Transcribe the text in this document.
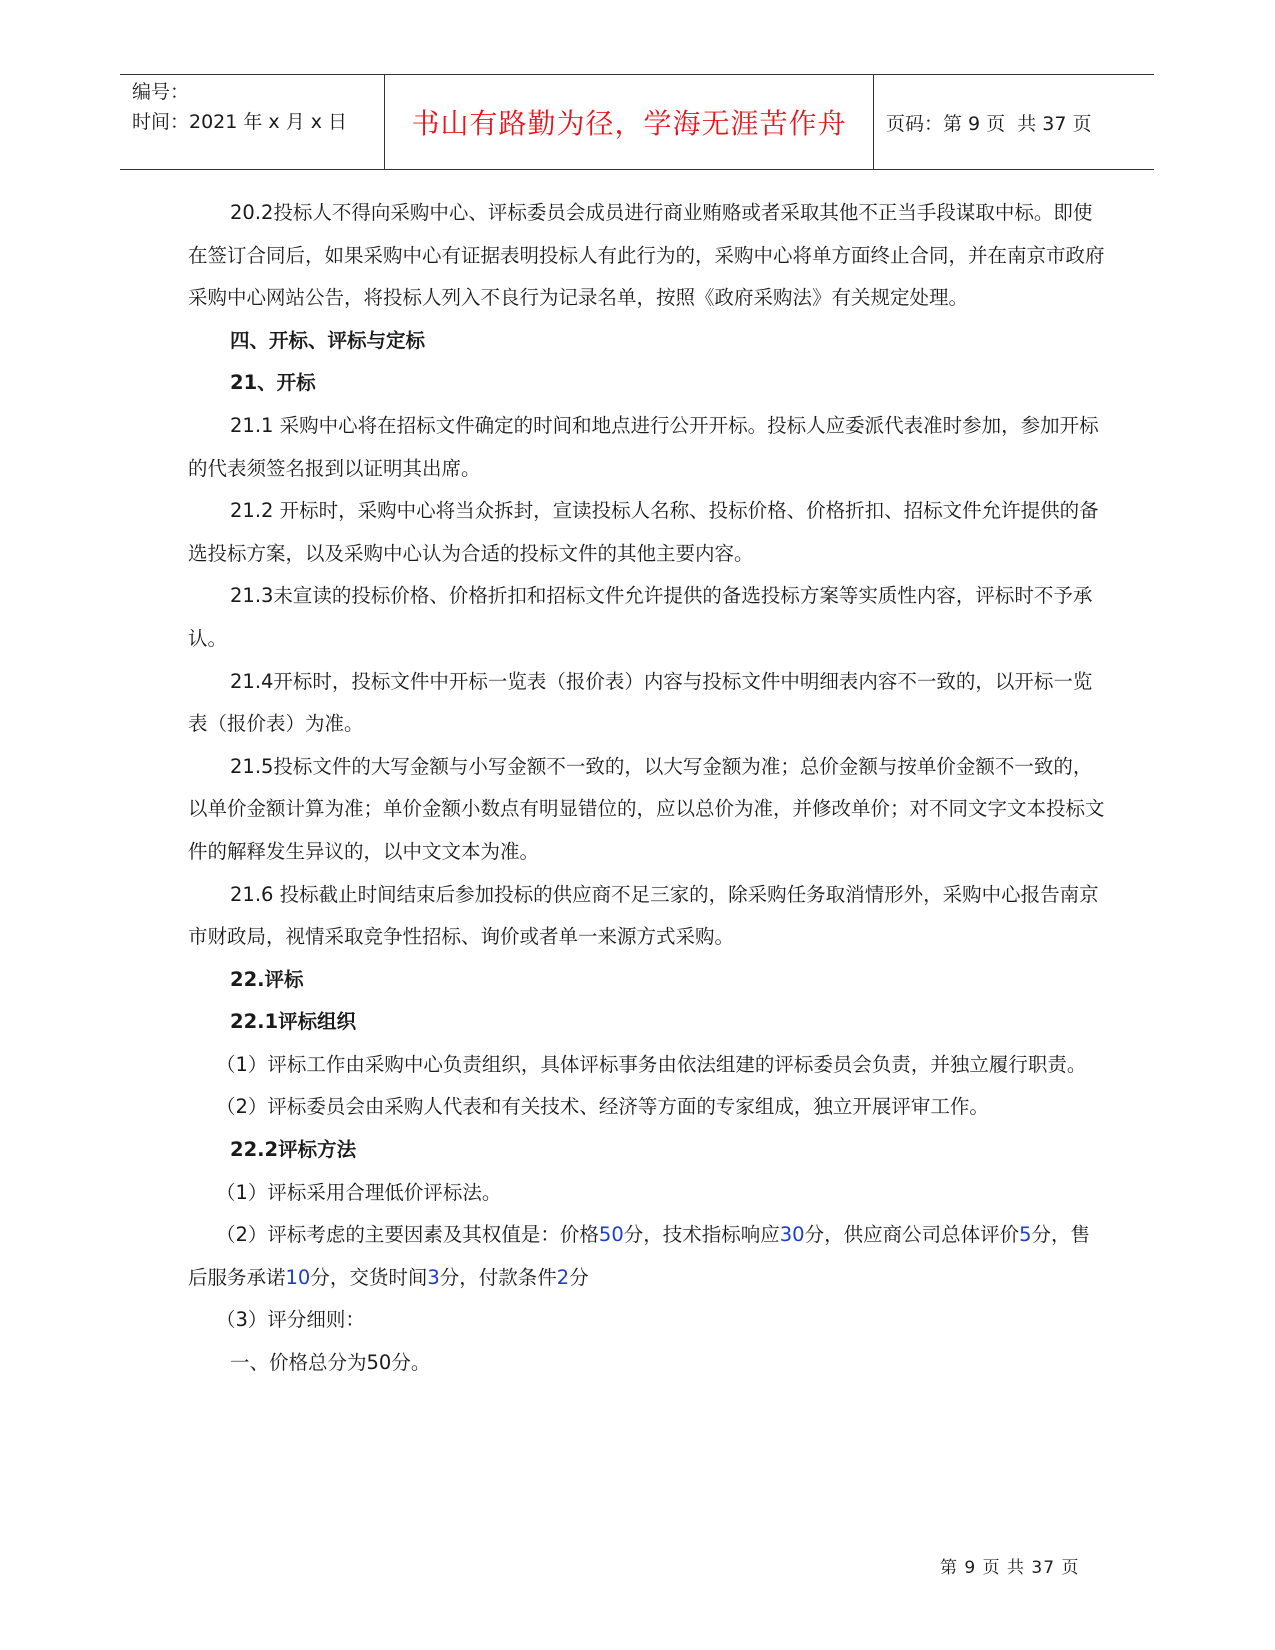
编号：
时间：2021 年 x 月 x 日	书山有路勤为径，学海无涯苦作舟	页码：第 9 页  共 37 页

20.2投标人不得向采购中心、评标委员会成员进行商业贿赂或者采取其他不正当手段谋取中标。即使在签订合同后，如果采购中心有证据表明投标人有此行为的，采购中心将单方面终止合同，并在南京市政府采购中心网站公告，将投标人列入不良行为记录名单，按照《政府采购法》有关规定处理。

四、开标、评标与定标

21、开标

21.1 采购中心将在招标文件确定的时间和地点进行公开开标。投标人应委派代表准时参加，参加开标的代表须签名报到以证明其出席。

21.2 开标时，采购中心将当众拆封，宣读投标人名称、投标价格、价格折扣、招标文件允许提供的备选投标方案，以及采购中心认为合适的投标文件的其他主要内容。

21.3未宣读的投标价格、价格折扣和招标文件允许提供的备选投标方案等实质性内容，评标时不予承认。

21.4开标时，投标文件中开标一览表（报价表）内容与投标文件中明细表内容不一致的，以开标一览表（报价表）为准。

21.5投标文件的大写金额与小写金额不一致的，以大写金额为准；总价金额与按单价金额不一致的，以单价金额计算为准；单价金额小数点有明显错位的，应以总价为准，并修改单价；对不同文字文本投标文件的解释发生异议的，以中文文本为准。

21.6 投标截止时间结束后参加投标的供应商不足三家的，除采购任务取消情形外，采购中心报告南京市财政局，视情采取竞争性招标、询价或者单一来源方式采购。

22.评标

22.1评标组织

（1）评标工作由采购中心负责组织，具体评标事务由依法组建的评标委员会负责，并独立履行职责。

（2）评标委员会由采购人代表和有关技术、经济等方面的专家组成，独立开展评审工作。

22.2评标方法

（1）评标采用合理低价评标法。

（2）评标考虑的主要因素及其权值是：价格50分，技术指标响应30分，供应商公司总体评价5分，售后服务承诺10分，交货时间3分，付款条件2分

（3）评分细则：

一、价格总分为50分。

第 9 页 共 37 页
